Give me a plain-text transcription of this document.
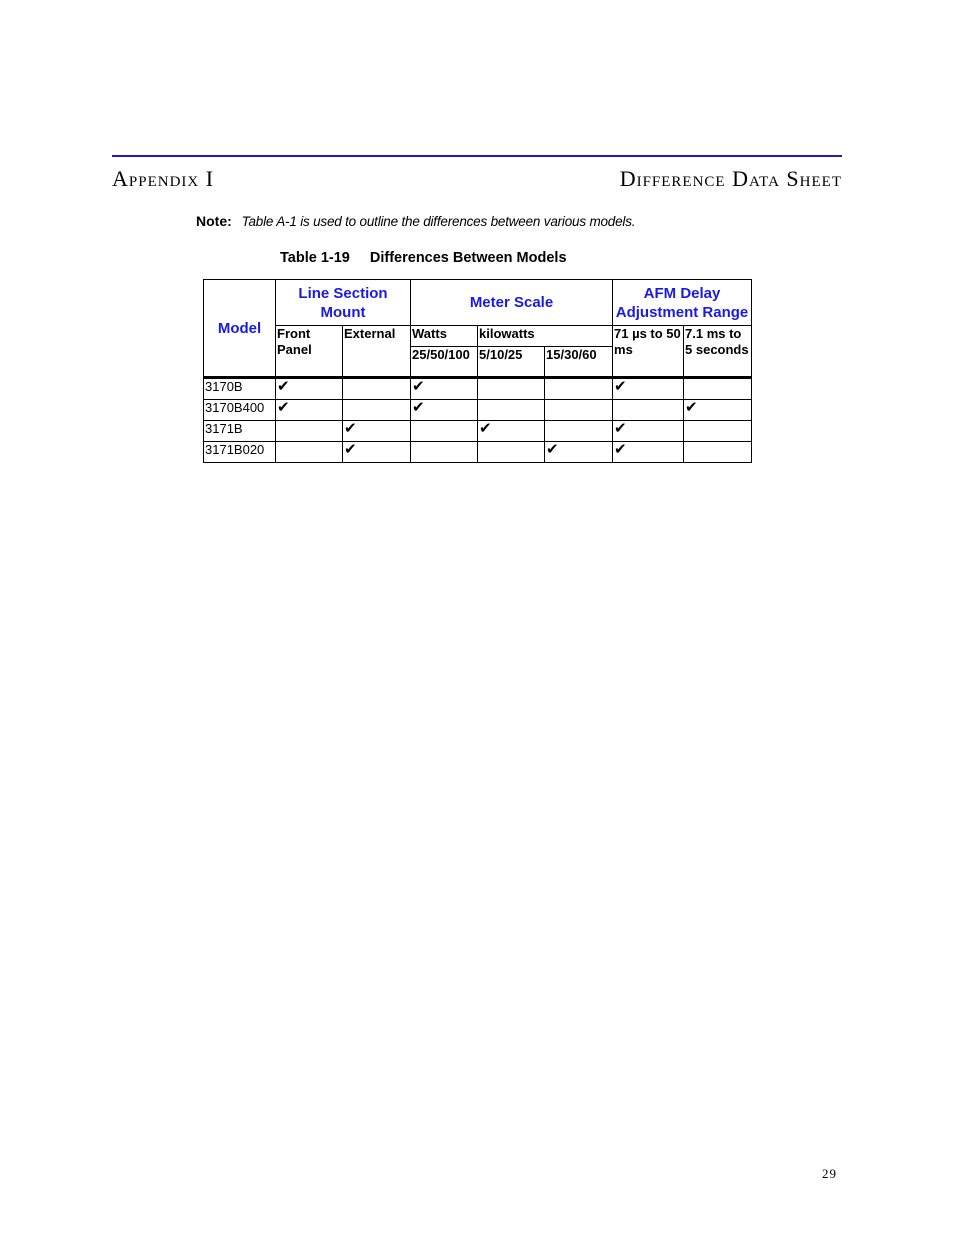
Appendix I	Difference Data Sheet
Note: Table A-1 is used to outline the differences between various models.
Table 1-19 Differences Between Models
Model	Line Section Mount		Meter Scale			AFM Delay Adjustment Range	
	Front Panel	External	Watts	kilowatts		71 µs to 50 ms	7.1 ms to 5 seconds
			25/50/100	5/10/25	15/30/60		
3170B	✔		✔			✔	
3170B400	✔		✔				✔
3171B		✔		✔		✔	
3171B020		✔			✔	✔	
29
